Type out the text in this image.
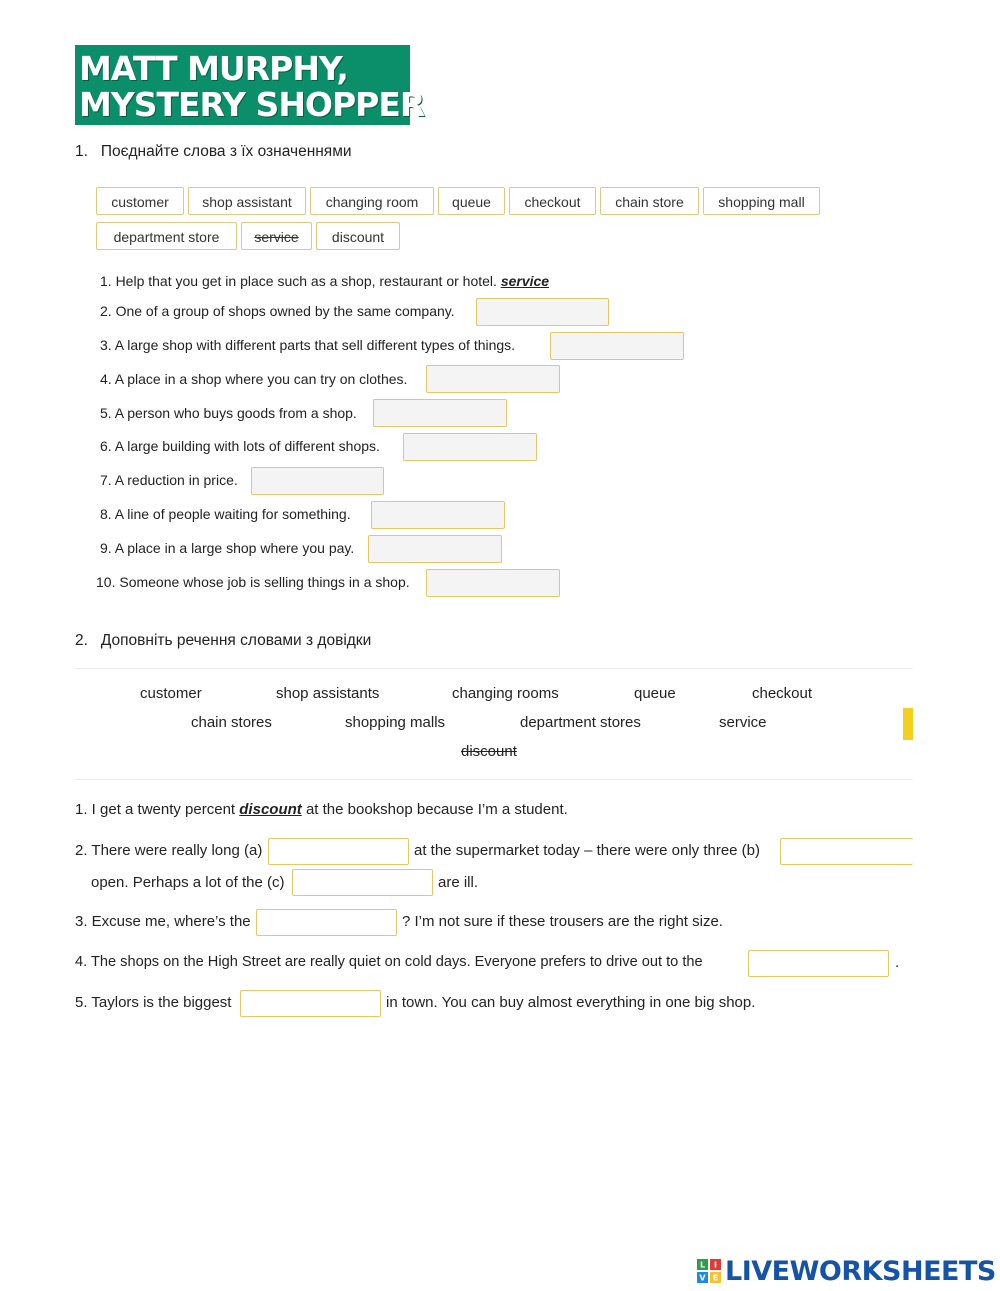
MATT MURPHY,
MYSTERY SHOPPER
1.   Поєднайте слова з їх означеннями
customer	shop assistant	changing room	queue	checkout	chain store	shopping mall
department store	service	discount
1. Help that you get in place such as a shop, restaurant or hotel. service
2. One of a group of shops owned by the same company.
3. A large shop with different parts that sell different types of things.
4. A place in a shop where you can try on clothes.
5. A person who buys goods from a shop.
6. A large building with lots of different shops.
7. A reduction in price.
8. A line of people waiting for something.
9. A place in a large shop where you pay.
10. Someone whose job is selling things in a shop.
2.   Доповніть речення словами з довідки
customer	shop assistants	changing rooms	queue	checkout
chain stores	shopping malls	department stores	service
discount
1. I get a twenty percent discount at the bookshop because I’m a student.
2. There were really long (a)	at the supermarket today – there were only three (b)
open. Perhaps a lot of the (c)	are ill.
3. Excuse me, where’s the	? I’m not sure if these trousers are the right size.
4. The shops on the High Street are really quiet on cold days. Everyone prefers to drive out to the	.
5. Taylors is the biggest	in town. You can buy almost everything in one big shop.
L I
V E LIVEWORKSHEETS
